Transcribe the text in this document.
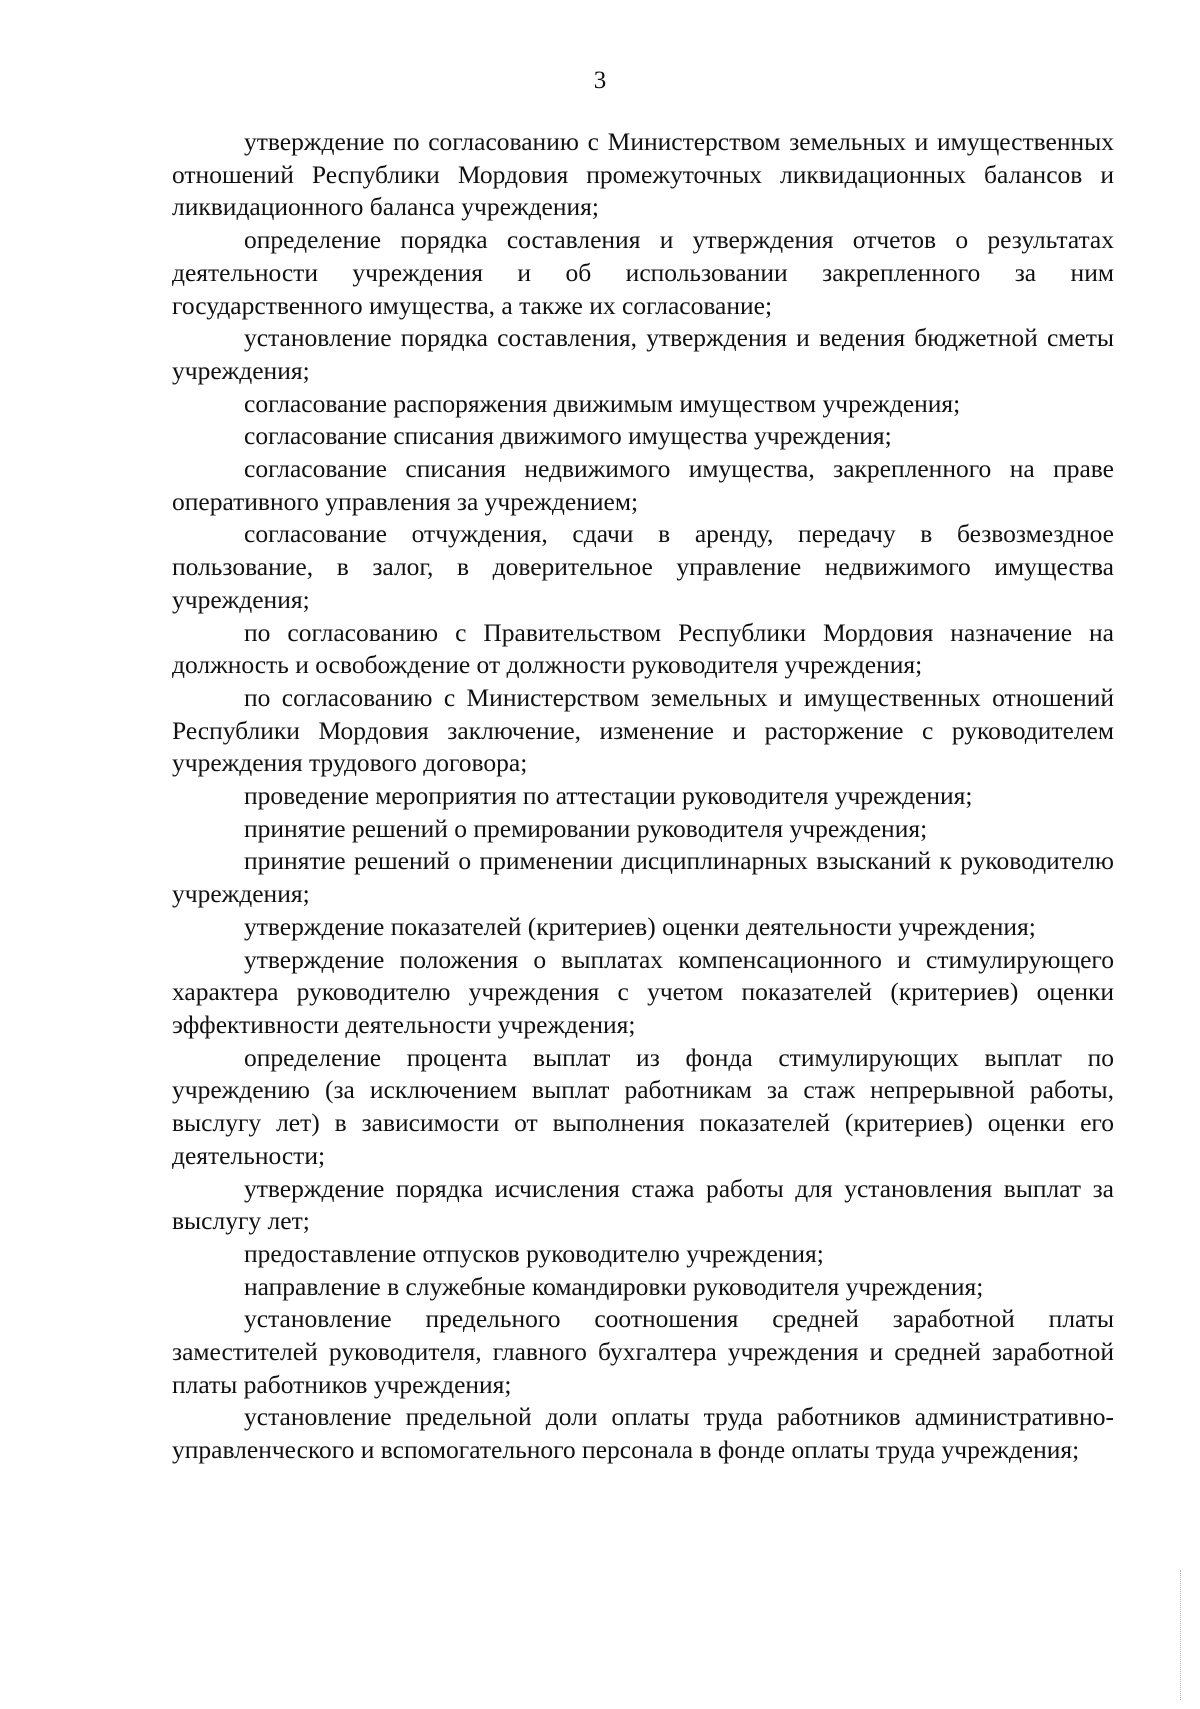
3

утверждение по согласованию с Министерством земельных и имущественных отношений Республики Мордовия промежуточных ликвидационных балансов и ликвидационного баланса учреждения;

определение порядка составления и утверждения отчетов о результатах деятельности учреждения и об использовании закрепленного за ним государственного имущества, а также их согласование;

установление порядка составления, утверждения и ведения бюджетной сметы учреждения;

согласование распоряжения движимым имуществом учреждения;

согласование списания движимого имущества учреждения;

согласование списания недвижимого имущества, закрепленного на праве оперативного управления за учреждением;

согласование отчуждения, сдачи в аренду, передачу в безвозмездное пользование, в залог, в доверительное управление недвижимого имущества учреждения;

по согласованию с Правительством Республики Мордовия назначение на должность и освобождение от должности руководителя учреждения;

по согласованию с Министерством земельных и имущественных отношений Республики Мордовия заключение, изменение и расторжение с руководителем учреждения трудового договора;

проведение мероприятия по аттестации руководителя учреждения;

принятие решений о премировании руководителя учреждения;

принятие решений о применении дисциплинарных взысканий к руководителю учреждения;

утверждение показателей (критериев) оценки деятельности учреждения;

утверждение положения о выплатах компенсационного и стимулирующего характера руководителю учреждения с учетом показателей (критериев) оценки эффективности деятельности учреждения;

определение процента выплат из фонда стимулирующих выплат по учреждению (за исключением выплат работникам за стаж непрерывной работы, выслугу лет) в зависимости от выполнения показателей (критериев) оценки его деятельности;

утверждение порядка исчисления стажа работы для установления выплат за выслугу лет;

предоставление отпусков руководителю учреждения;

направление в служебные командировки руководителя учреждения;

установление предельного соотношения средней заработной платы заместителей руководителя, главного бухгалтера учреждения и средней заработной платы работников учреждения;

установление предельной доли оплаты труда работников административно-управленческого и вспомогательного персонала в фонде оплаты труда учреждения;
